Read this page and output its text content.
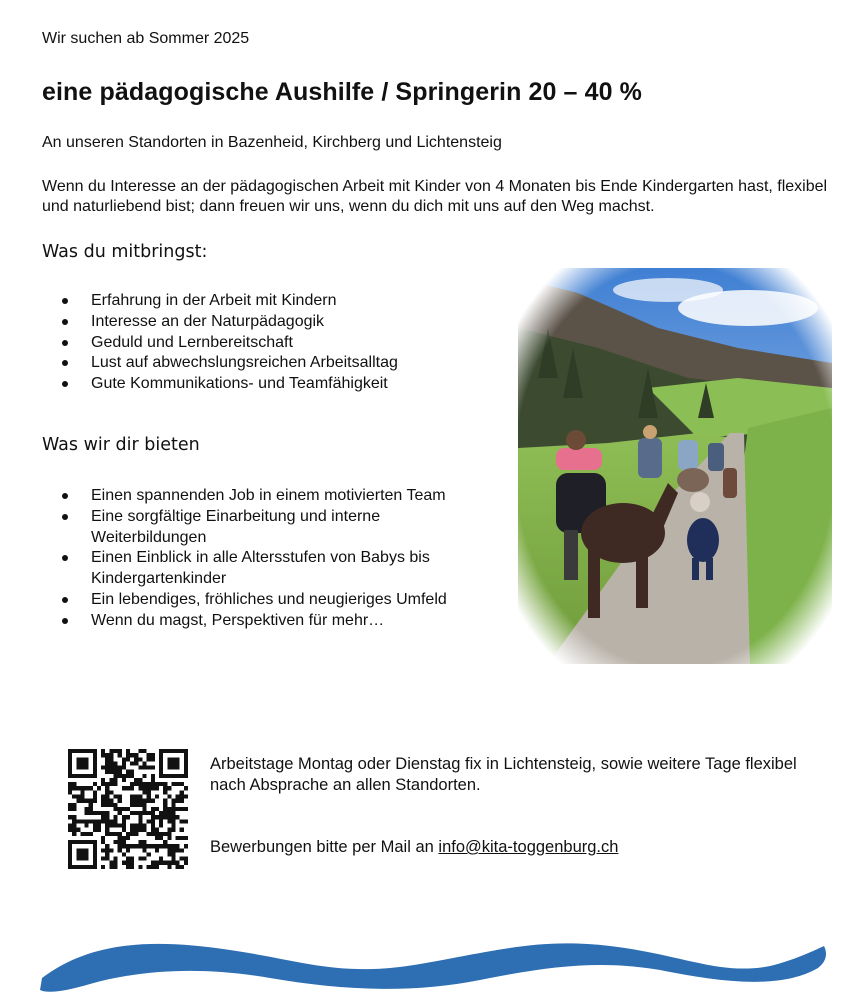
Wir suchen ab Sommer 2025
eine pädagogische Aushilfe / Springerin 20 – 40 %
An unseren Standorten in Bazenheid, Kirchberg und Lichtensteig
Wenn du Interesse an der pädagogischen Arbeit mit Kinder von 4 Monaten bis Ende Kindergarten hast, flexibel und naturliebend bist; dann freuen wir uns, wenn du dich mit uns auf den Weg machst.
Was du mitbringst:
Erfahrung in der Arbeit mit Kindern
Interesse an der Naturpädagogik
Geduld und Lernbereitschaft
Lust auf abwechslungsreichen Arbeitsalltag
Gute Kommunikations- und Teamfähigkeit
Was wir dir bieten
Einen spannenden Job in einem motivierten Team
Eine sorgfältige Einarbeitung und interne Weiterbildungen
Einen Einblick in alle Altersstufen von Babys bis Kindergartenkinder
Ein lebendiges, fröhliches und neugieriges Umfeld
Wenn du magst, Perspektiven für mehr…
Arbeitstage Montag oder Dienstag fix in Lichtensteig, sowie weitere Tage flexibel nach Absprache an allen Standorten.
Bewerbungen bitte per Mail an info@kita-toggenburg.ch
